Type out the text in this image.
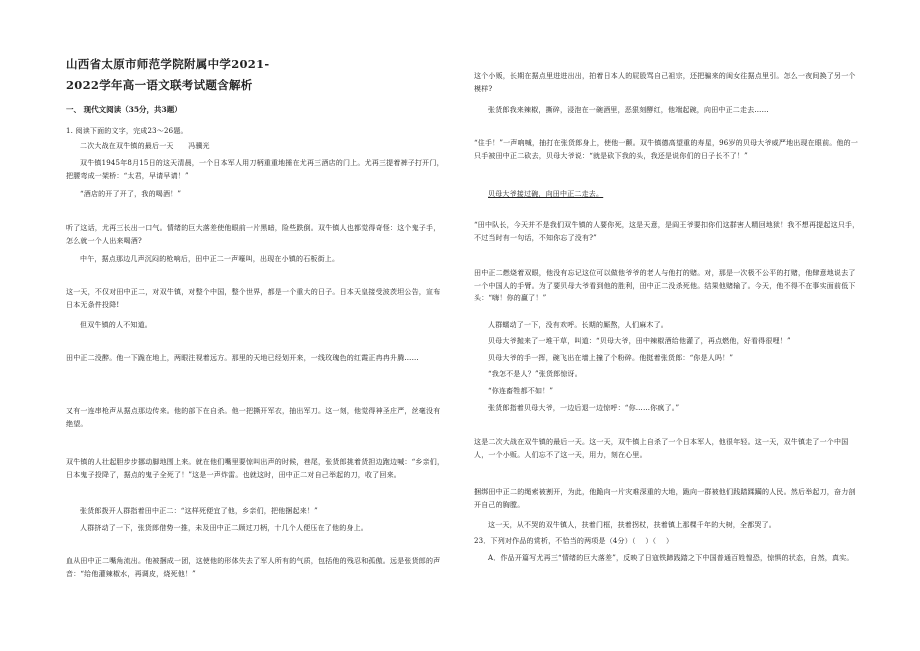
山西省太原市师范学院附属中学2021-
2022学年高一语文联考试题含解析
一、 现代文阅读（35分，共3题）
1. 阅读下面的文字，完成23～26题。
二次大战在双牛镇的最后一天      冯骥光
双牛镇1945年8月15日的这天清晨，一个日本军人用刀柄重重地捶在尤再三酒店的门上。尤再三提着裤子打开门，把腰弯成一架桥：“太君，早请早请！”
“酒店的开了开了，我的喝酒！”
听了这话，尤再三长出一口气。情绪的巨大落差使他眼前一片黑暗，险些跌倒。双牛镇人也都觉得奇怪：这个鬼子手，怎么就一个人出来喝酒?
中午，据点那边几声沉闷的枪响后，田中正二一声嚎叫，出现在小镇的石板街上。
这一天，不仅对田中正二，对双牛镇，对整个中国，整个世界，都是一个重大的日子。日本天皇接受波茨坦公告，宣布日本无条件投降!
但双牛镇的人不知道。
田中正二没醉。他一下跪在地上，两眼注视着远方。那里的天地已经划开来，一线玫瑰色的红霞正冉冉升腾……
又有一连串枪声从据点那边传来。他的部下在自杀。他一把撕开军衣，抽出军刀。这一刻，他觉得神圣庄严，丝毫没有绝望。
双牛镇的人壮起胆步步挪动脚地围上来。就在他们嘴里要惊叫出声的时候，巷尾，张货郎挑着货担边跑边喊：“乡亲们，日本鬼子投降了，据点的鬼子全死了！”这是一声炸雷。也就这时，田中正二对自己举起的刀，收了回来。
张货郎拨开人群指着田中正二：“这样死便宜了他，乡亲们，把他捆起来！”
人群挤动了一下，张货郎借势一推，未及田中正二顾过刀柄，十几个人便压在了他的身上。
血从田中正二嘴角流出。他被捆成一团，这使他的形体失去了军人所有的气质，包括他的残忍和孤傲。远是张货郎的声音：“给他灌辣椒水，再调皮，烧死他！”
这个小贩，长期在据点里进进出出，拍着日本人的屁股骂自己祖宗，还把骗来的闺女往据点里引。怎么一夜间换了另一个模样?
张货郎我来辣椒，撕碎，浸泡在一碗酒里，恶狠刻酵红，他端起碗，向田中正二走去……
“住手！”一声吶喊，抽打在张货郎身上，使他一颤。双牛镇德高望重的寿星，96岁的贝母大爷威严地出现在眼前。他的一只手被田中正二砍去，贝母大爷说：“就是砍下我的头，我还是说你们的日子长不了！”
贝母大爷接过碗，向田中正二走去。
“田中队长，今天并不是我们双牛镇的人要你死，这是天意，是阎王爷要扣你们这群害人精回地狱！我不想再提起这只手，不过当时有一句话，不知你忘了没有?”
田中正二燃烧着双眼，他没有忘记这位可以做他爷爷的老人与他打的赌。对，那是一次极不公平的打赌，他肆意地说去了一个中国人的手臂。为了要贝母大爷看到他的胜利，田中正二没杀死他。结果他赌输了。今天，他不得不在事实面前低下头：“嗨！你的赢了！”
人群蠕动了一下，没有欢呼。长期的厮熬，人们麻木了。
贝母大爷抛来了一堆干草，叫道：“贝母大爷，田中辣椒酒给他灌了，再点燃他，好看得很哩！”
贝母大爷的手一挥，碗飞出在墙上撞了个粉碎。他挺着张货郎：“你是人吗！”
“我怎不是人？”张货郎惊讶。
“你连畜牲都不如！”
张货郎指着贝母大爷，一边后退一边惊呼：“你……你疯了。”
这是二次大战在双牛镇的最后一天。这一天，双牛镇上自杀了一个日本军人，他很年轻。这一天，双牛镇走了一个中国人，一个小贩。人们忘不了这一天，用力，刻在心里。
捆绑田中正二的绳索被割开，为此，他跪向一片灾难深重的大地，跪向一群被他们践踏蹂躏的人民。然后举起刀，奋力剖开自己的胸膛。
这一天，从不哭的双牛镇人，扶着门框，扶着拐杖，扶着镇上那棵千年的大树，全都哭了。
23．下列对作品的赏析，不恰当的两项是（4分）（    ）（    ）
A．作品开篇写尤再三“情绪的巨大落差”，反映了日寇铁蹄践踏之下中国普通百姓惶恐，惊惧的状态，自然，真实。
